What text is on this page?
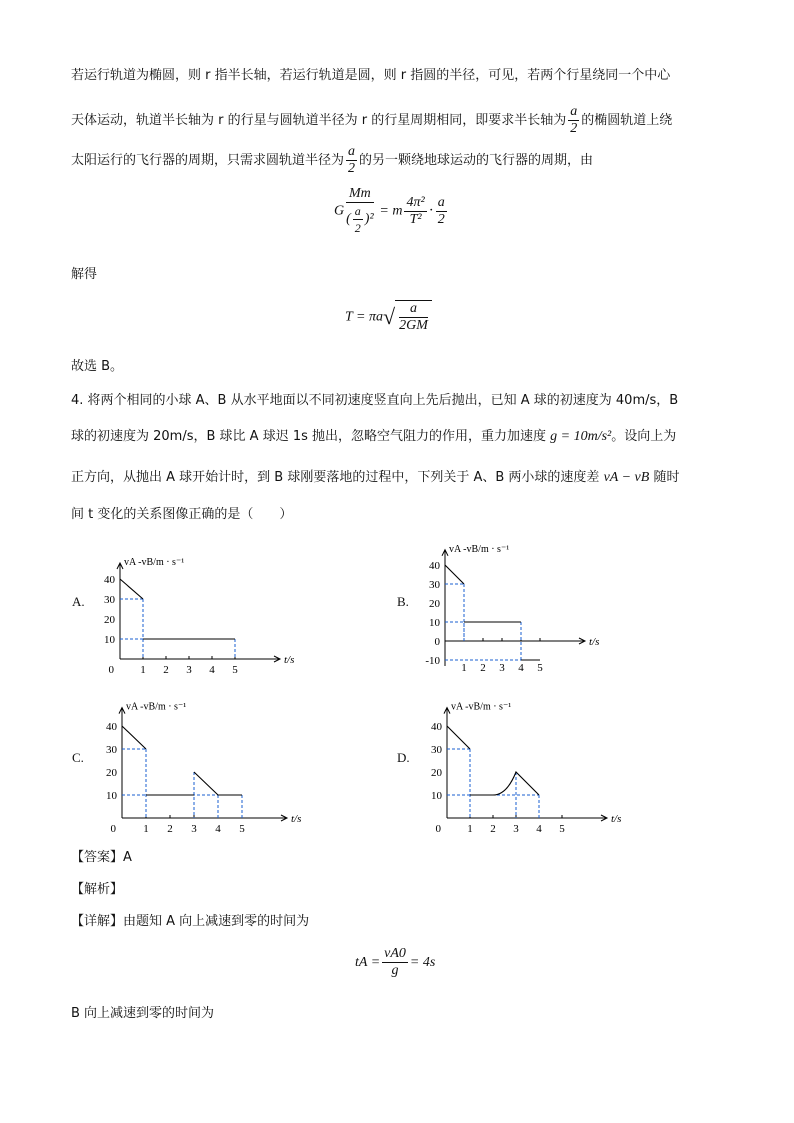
若运行轨道为椭圆，则 r 指半长轴，若运行轨道是圆，则 r 指圆的半径，可见，若两个行星绕同一个中心
天体运动，轨道半长轴为 r 的行星与圆轨道半径为 r 的行星周期相同，即要求半长轴为 $\frac{a}{2}$ 的椭圆轨道上绕
太阳运行的飞行器的周期，只需求圆轨道半径为 $\frac{a}{2}$ 的另一颗绕地球运动的飞行器的周期，由
G $\frac{Mm}{( \frac{a}{2} )^2} = m \frac{\text{4π²}}{\text{T²}} \cdot \frac{a}{2}$
解得
$T = \pi a√ \frac{a}{2GM}$
故选 B。
4. 将两个相同的小球 A、B 从水平地面以不同初速度竖直向上先后抛出，已知 A 球的初速度为 40m/s，B
球的初速度为 20m/s，B 球比 A 球迟 1s 抛出，忽略空气阻力的作用，重力加速度 g = 10m/s²。设向上为
正方向，从抛出 A 球开始计时，到 B 球刚要落地的过程中，下列关于 A、B 两小球的速度差 vA − vB 随时
间 t 变化的关系图像正确的是（　　）
A.
vA -vB/m · s⁻¹
t/s
10
20
30
40
1 2 3 4 5
0
B.
vA -vB/m · s⁻¹
t/s
-10
0
10
20
30
40
1 2 3 4 5
C.
vA -vB/m · s⁻¹
t/s
10
20
30
40
1 2 3 4 5
0
D.
vA -vB/m · s⁻¹
t/s
10
20
30
40
1 2 3 4 5
0
【答案】A
【解析】
【详解】由题知 A 向上减速到零的时间为
tA = $\frac{vA0}{g} = 4s$
B 向上减速到零的时间为
